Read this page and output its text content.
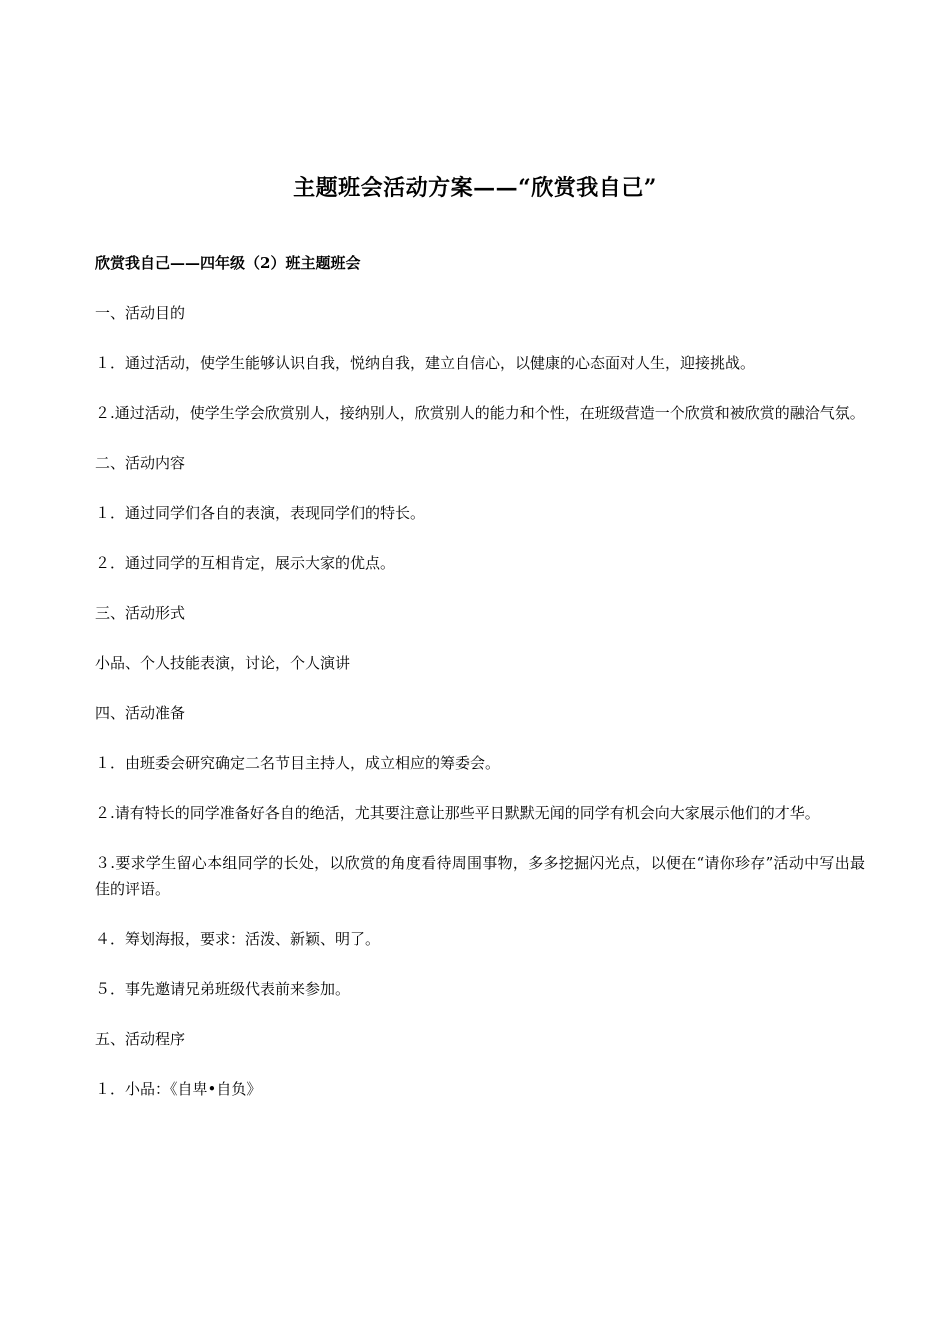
主题班会活动方案——“欣赏我自己”

欣赏我自己——四年级（2）班主题班会

一、活动目的

１．通过活动，使学生能够认识自我，悦纳自我，建立自信心，以健康的心态面对人生，迎接挑战。

２.通过活动，使学生学会欣赏别人，接纳别人，欣赏别人的能力和个性，在班级营造一个欣赏和被欣赏的融洽气氛。

二、活动内容

１．通过同学们各自的表演，表现同学们的特长。

２．通过同学的互相肯定，展示大家的优点。

三、活动形式

小品、个人技能表演，讨论，个人演讲

四、活动准备

１．由班委会研究确定二名节目主持人，成立相应的筹委会。

２.请有特长的同学准备好各自的绝活，尤其要注意让那些平日默默无闻的同学有机会向大家展示他们的才华。

３.要求学生留心本组同学的长处，以欣赏的角度看待周围事物，多多挖掘闪光点，以便在“请你珍存”活动中写出最佳的评语。

４．筹划海报，要求：活泼、新颖、明了。

５．事先邀请兄弟班级代表前来参加。

五、活动程序

１．小品：《自卑•自负》
